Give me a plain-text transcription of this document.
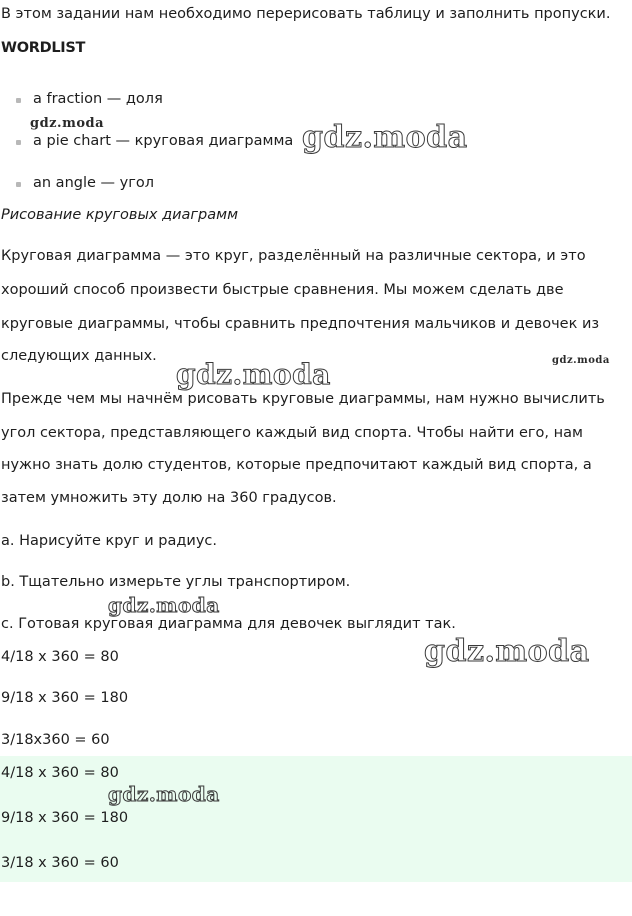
В этом задании нам необходимо перерисовать таблицу и заполнить пропуски.
WORDLIST
a fraction — доля
a pie chart — круговая диаграмма
an angle — угол
Рисование круговых диаграмм
Круговая диаграмма — это круг, разделённый на различные сектора, и это
хороший способ произвести быстрые сравнения. Мы можем сделать две
круговые диаграммы, чтобы сравнить предпочтения мальчиков и девочек из
следующих данных.
Прежде чем мы начнём рисовать круговые диаграммы, нам нужно вычислить
угол сектора, представляющего каждый вид спорта. Чтобы найти его, нам
нужно знать долю студентов, которые предпочитают каждый вид спорта, а
затем умножить эту долю на 360 градусов.
a. Нарисуйте круг и радиус.
b. Тщательно измерьте углы транспортиром.
c. Готовая круговая диаграмма для девочек выглядит так.
4/18 x 360 = 80
9/18 x 360 = 180
3/18x360 = 60
4/18 x 360 = 80
9/18 x 360 = 180
3/18 x 360 = 60
gdz.moda	gdz.moda
gdz.moda
gdz.moda
gdz.moda
gdz.moda
gdz.moda
